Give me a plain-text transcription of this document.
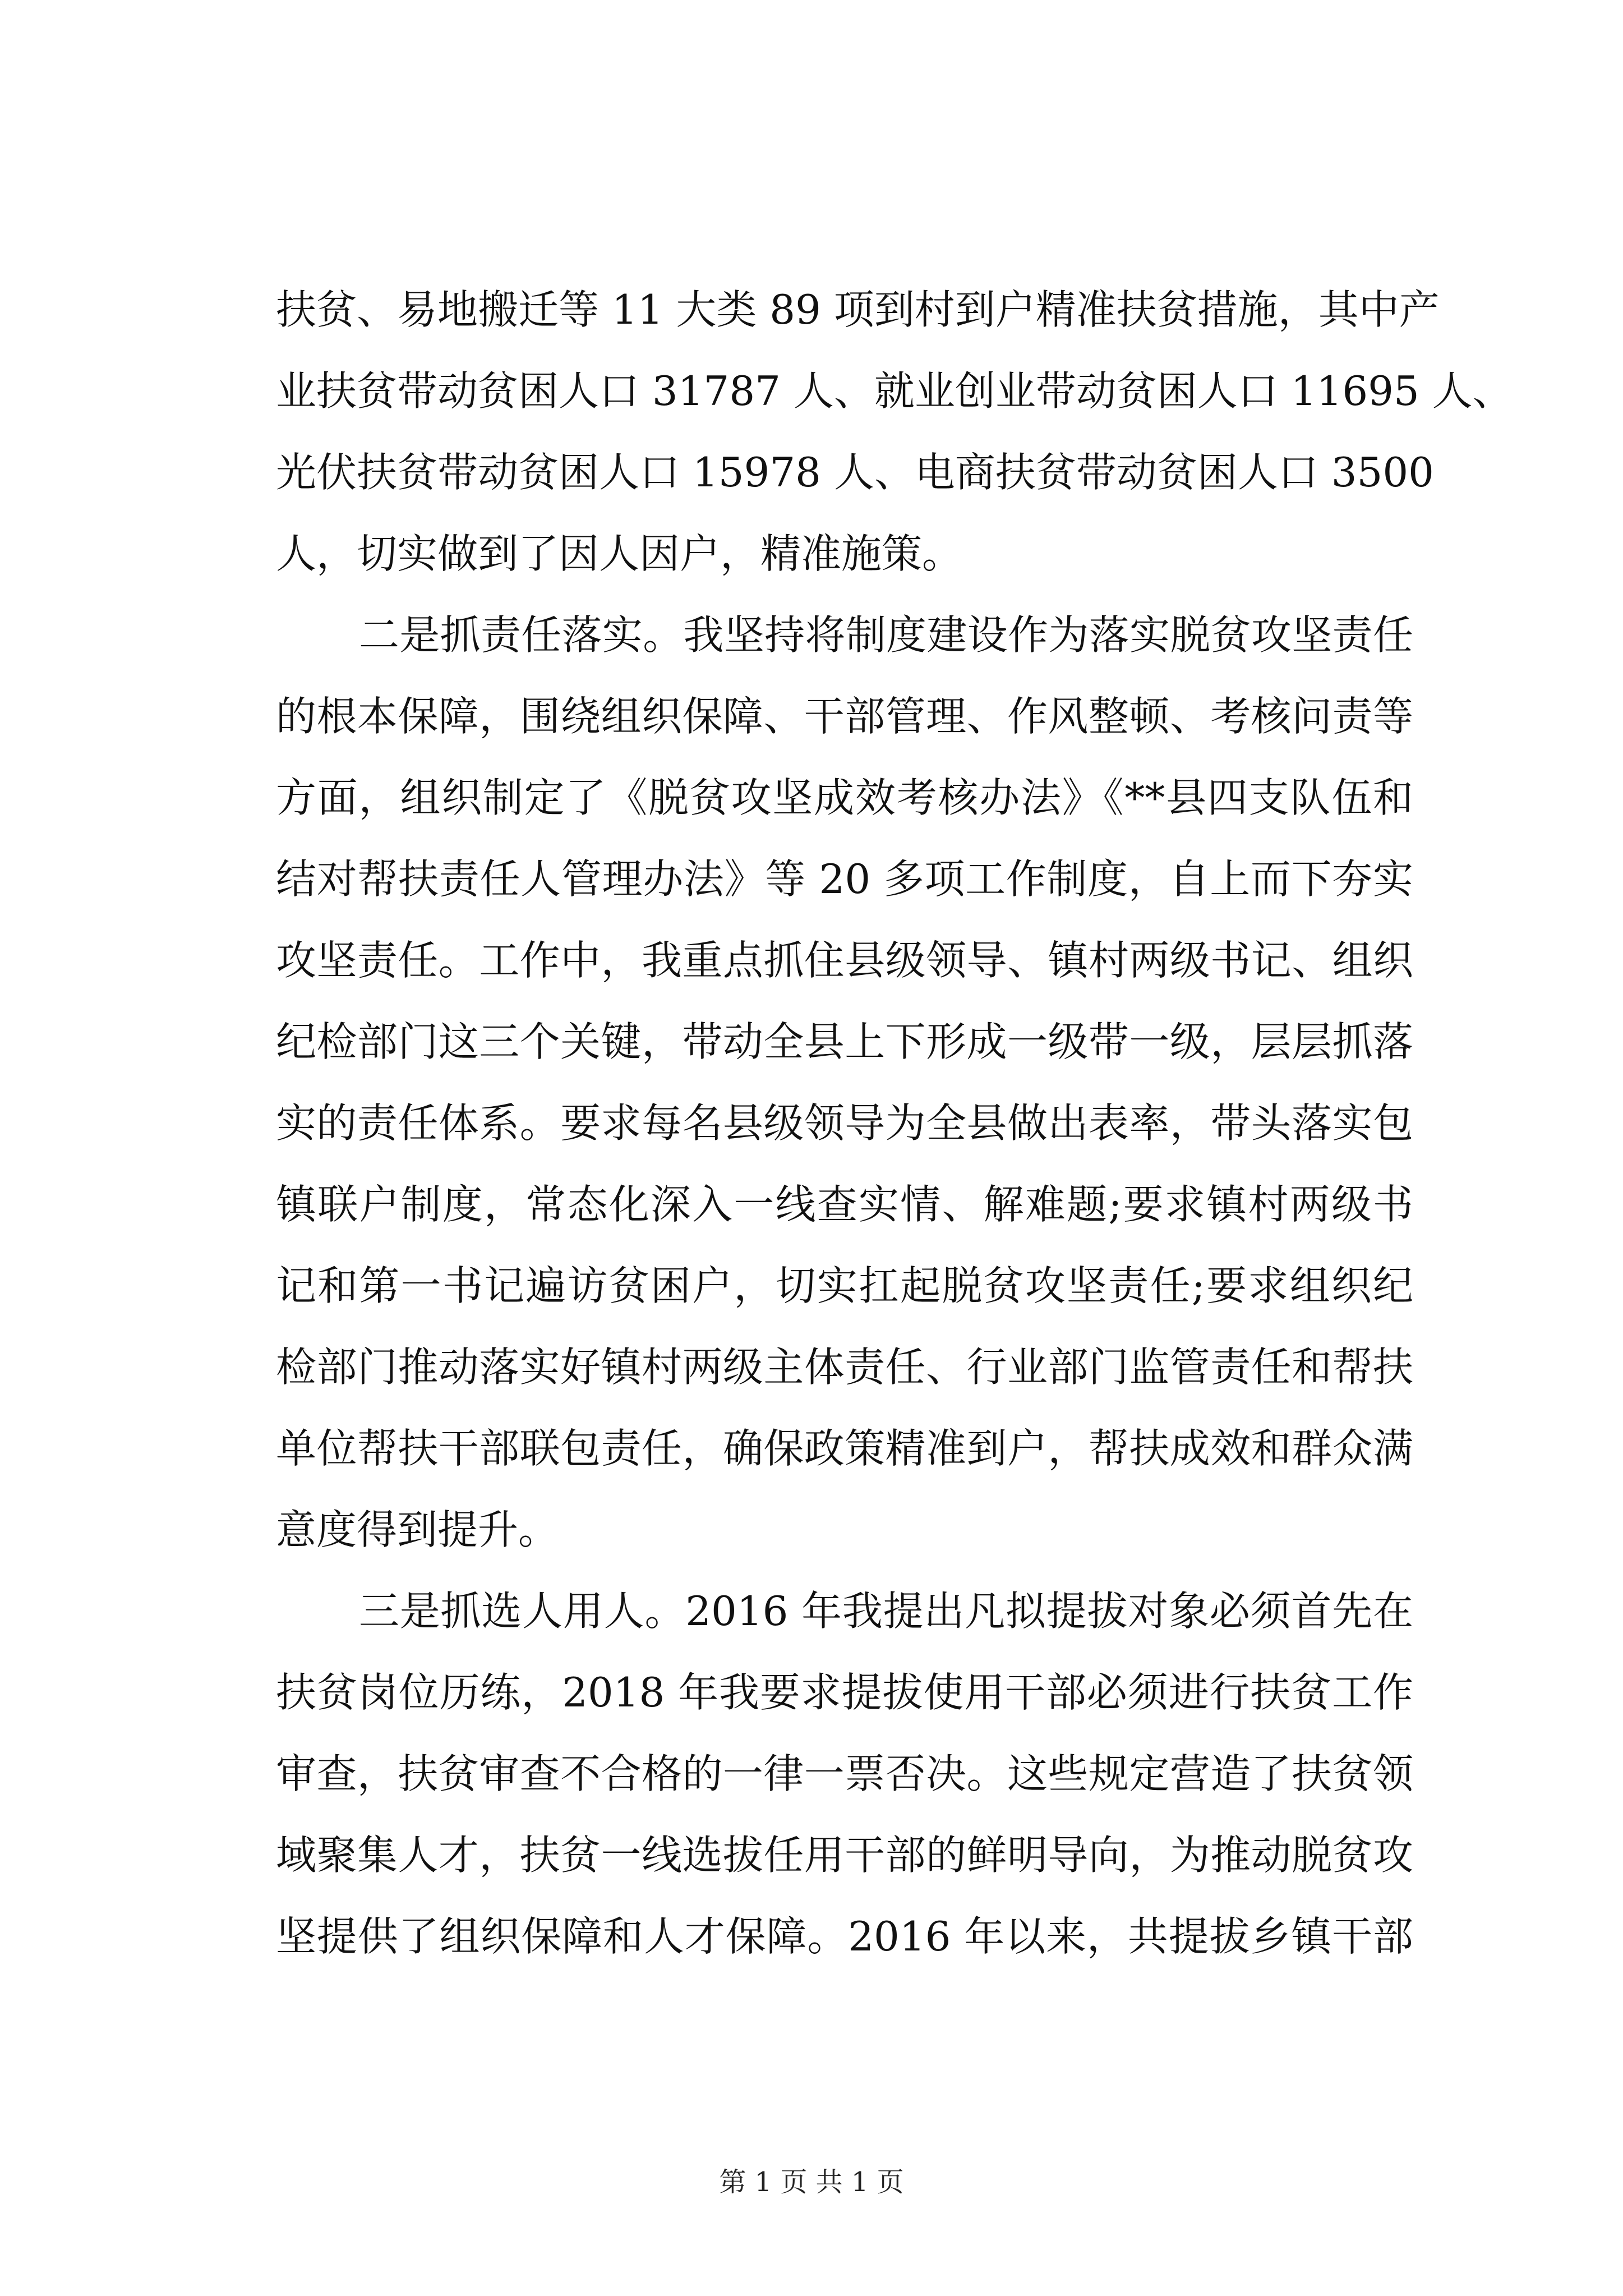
扶贫、易地搬迁等 11 大类 89 项到村到户精准扶贫措施，其中产
业扶贫带动贫困人口 31787 人、就业创业带动贫困人口 11695 人、
光伏扶贫带动贫困人口 15978 人、电商扶贫带动贫困人口 3500
人，切实做到了因人因户，精准施策。
二是抓责任落实。我坚持将制度建设作为落实脱贫攻坚责任
的根本保障，围绕组织保障、干部管理、作风整顿、考核问责等
方面，组织制定了《脱贫攻坚成效考核办法》《**县四支队伍和
结对帮扶责任人管理办法》等 20 多项工作制度，自上而下夯实
攻坚责任。工作中，我重点抓住县级领导、镇村两级书记、组织
纪检部门这三个关键，带动全县上下形成一级带一级，层层抓落
实的责任体系。要求每名县级领导为全县做出表率，带头落实包
镇联户制度，常态化深入一线查实情、解难题;要求镇村两级书
记和第一书记遍访贫困户，切实扛起脱贫攻坚责任;要求组织纪
检部门推动落实好镇村两级主体责任、行业部门监管责任和帮扶
单位帮扶干部联包责任，确保政策精准到户，帮扶成效和群众满
意度得到提升。
三是抓选人用人。2016 年我提出凡拟提拔对象必须首先在
扶贫岗位历练，2018 年我要求提拔使用干部必须进行扶贫工作
审查，扶贫审查不合格的一律一票否决。这些规定营造了扶贫领
域聚集人才，扶贫一线选拔任用干部的鲜明导向，为推动脱贫攻
坚提供了组织保障和人才保障。2016 年以来，共提拔乡镇干部
第 1 页 共 1 页
